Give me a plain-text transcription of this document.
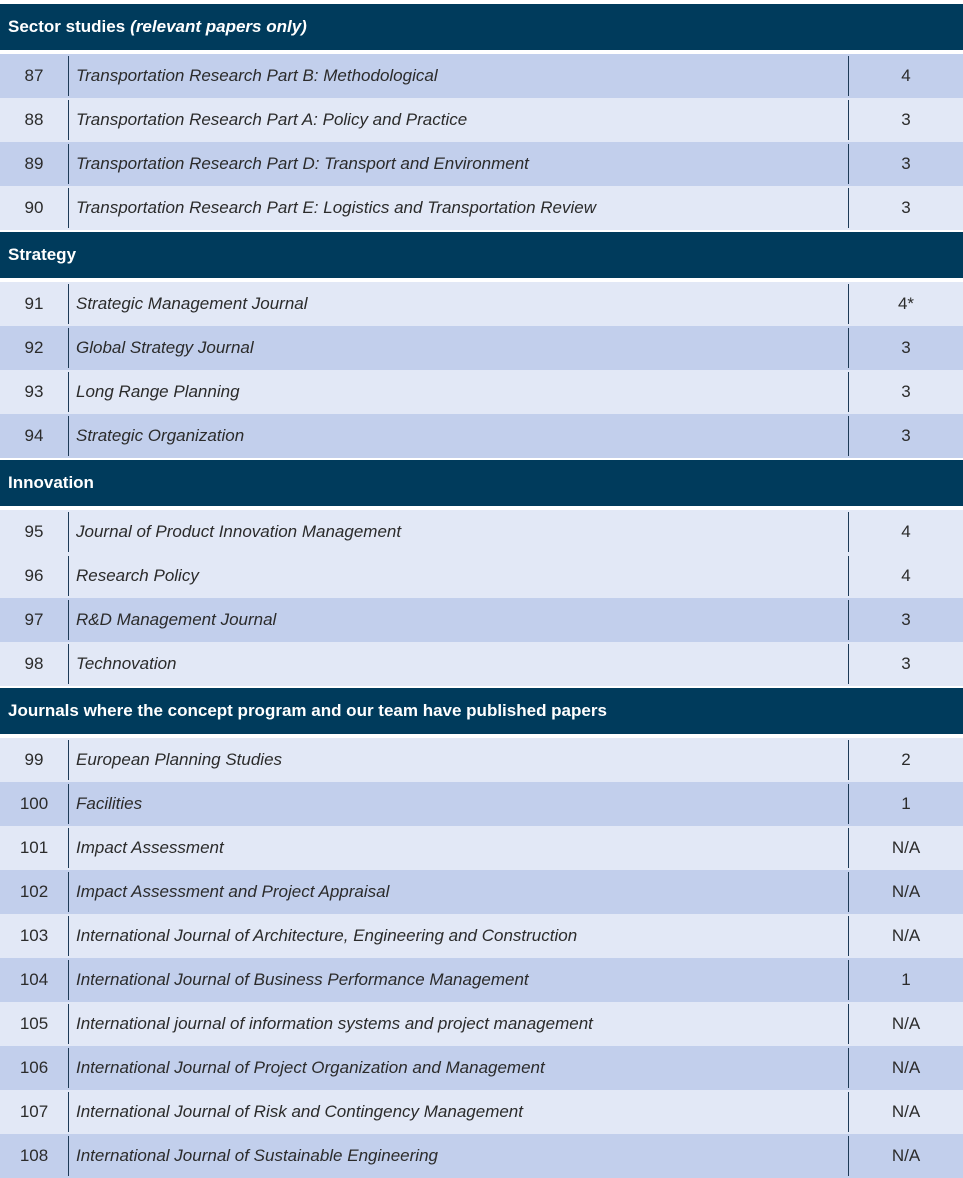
Sector studies (relevant papers only)
87	Transportation Research Part B: Methodological	4
88	Transportation Research Part A: Policy and Practice	3
89	Transportation Research Part D: Transport and Environment	3
90	Transportation Research Part E: Logistics and Transportation Review	3
Strategy
91	Strategic Management Journal	4*
92	Global Strategy Journal	3
93	Long Range Planning	3
94	Strategic Organization	3
Innovation
95	Journal of Product Innovation Management	4
96	Research Policy	4
97	R&D Management Journal	3
98	Technovation	3
Journals where the concept program and our team have published papers
99	European Planning Studies	2
100	Facilities	1
101	Impact Assessment	N/A
102	Impact Assessment and Project Appraisal	N/A
103	International Journal of Architecture, Engineering and Construction	N/A
104	International Journal of Business Performance Management	1
105	International journal of information systems and project management	N/A
106	International Journal of Project Organization and Management	N/A
107	International Journal of Risk and Contingency Management	N/A
108	International Journal of Sustainable Engineering	N/A
